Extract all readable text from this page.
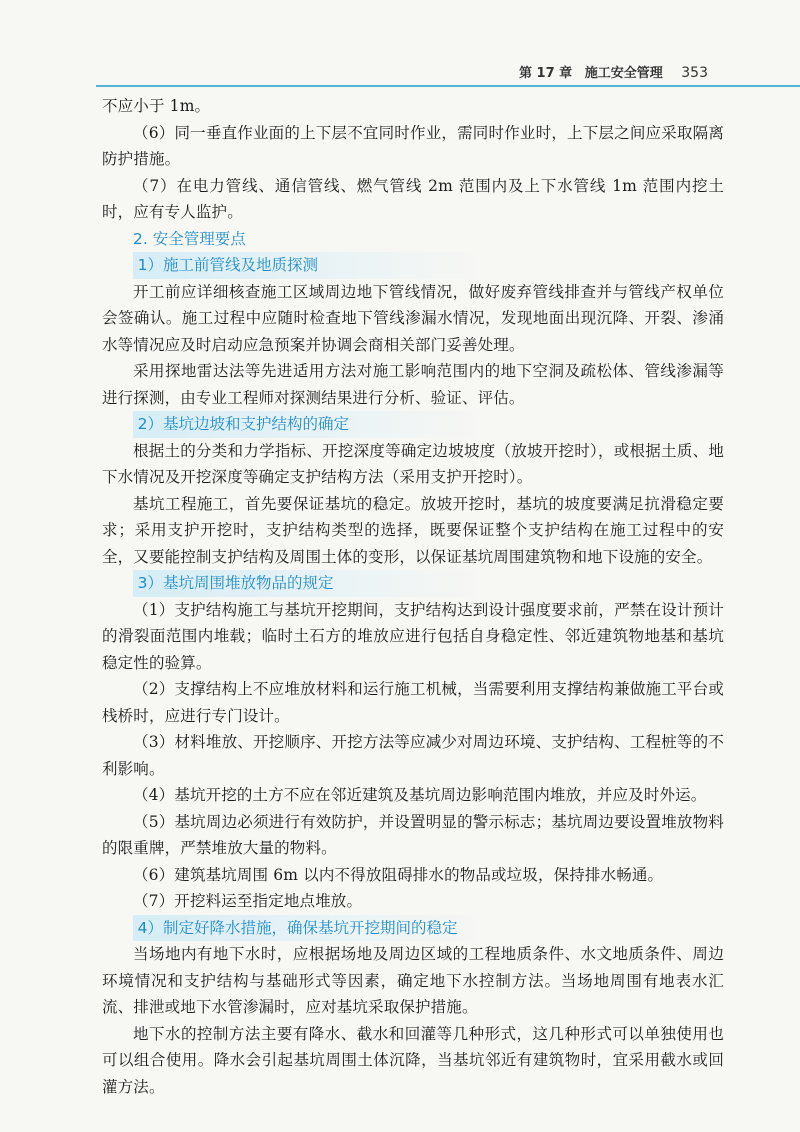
第 17 章 施工安全管理 353

不应小于 1m。

（6）同一垂直作业面的上下层不宜同时作业，需同时作业时，上下层之间应采取隔离防护措施。

（7）在电力管线、通信管线、燃气管线 2m 范围内及上下水管线 1m 范围内挖土时，应有专人监护。

2. 安全管理要点
1）施工前管线及地质探测

开工前应详细核查施工区域周边地下管线情况，做好废弃管线排查并与管线产权单位会签确认。施工过程中应随时检查地下管线渗漏水情况，发现地面出现沉降、开裂、渗涌水等情况应及时启动应急预案并协调会商相关部门妥善处理。

采用探地雷达法等先进适用方法对施工影响范围内的地下空洞及疏松体、管线渗漏等进行探测，由专业工程师对探测结果进行分析、验证、评估。

2）基坑边坡和支护结构的确定

根据土的分类和力学指标、开挖深度等确定边坡坡度（放坡开挖时），或根据土质、地下水情况及开挖深度等确定支护结构方法（采用支护开挖时）。

基坑工程施工，首先要保证基坑的稳定。放坡开挖时，基坑的坡度要满足抗滑稳定要求；采用支护开挖时，支护结构类型的选择，既要保证整个支护结构在施工过程中的安全，又要能控制支护结构及周围土体的变形，以保证基坑周围建筑物和地下设施的安全。

3）基坑周围堆放物品的规定

（1）支护结构施工与基坑开挖期间，支护结构达到设计强度要求前，严禁在设计预计的滑裂面范围内堆载；临时土石方的堆放应进行包括自身稳定性、邻近建筑物地基和基坑稳定性的验算。

（2）支撑结构上不应堆放材料和运行施工机械，当需要利用支撑结构兼做施工平台或栈桥时，应进行专门设计。

（3）材料堆放、开挖顺序、开挖方法等应减少对周边环境、支护结构、工程桩等的不利影响。

（4）基坑开挖的土方不应在邻近建筑及基坑周边影响范围内堆放，并应及时外运。

（5）基坑周边必须进行有效防护，并设置明显的警示标志；基坑周边要设置堆放物料的限重牌，严禁堆放大量的物料。

（6）建筑基坑周围 6m 以内不得放阻碍排水的物品或垃圾，保持排水畅通。

（7）开挖料运至指定地点堆放。

4）制定好降水措施，确保基坑开挖期间的稳定

当场地内有地下水时，应根据场地及周边区域的工程地质条件、水文地质条件、周边环境情况和支护结构与基础形式等因素，确定地下水控制方法。当场地周围有地表水汇流、排泄或地下水管渗漏时，应对基坑采取保护措施。

地下水的控制方法主要有降水、截水和回灌等几种形式，这几种形式可以单独使用也可以组合使用。降水会引起基坑周围土体沉降，当基坑邻近有建筑物时，宜采用截水或回灌方法。
